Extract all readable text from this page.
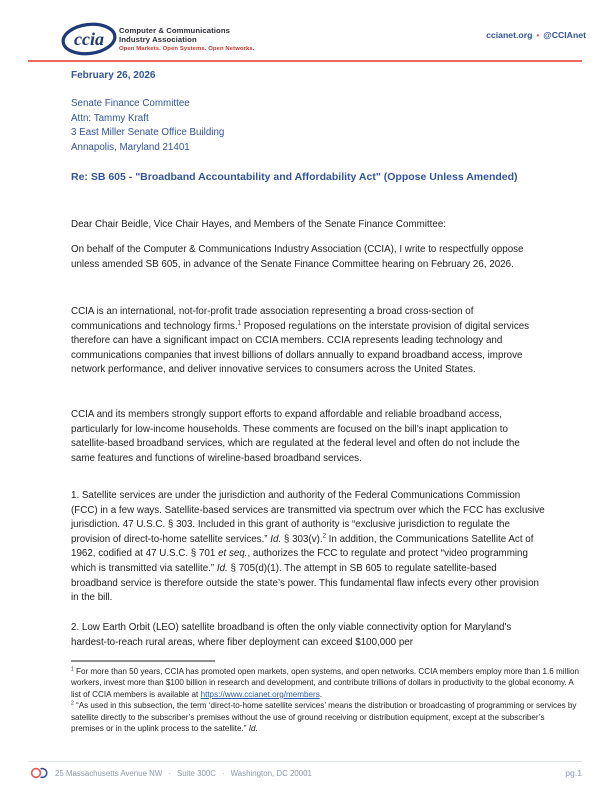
ccia Computer & Communications
Industry Association
Open Markets. Open Systems. Open Networks.
ccianet.org • @CCIAnet
February 26, 2026
Senate Finance Committee
Attn: Tammy Kraft
3 East Miller Senate Office Building
Annapolis, Maryland 21401
Re: SB 605 - "Broadband Accountability and Affordability Act" (Oppose Unless Amended)
Dear Chair Beidle, Vice Chair Hayes, and Members of the Senate Finance Committee:
On behalf of the Computer & Communications Industry Association (CCIA), I write to respectfully oppose unless amended SB 605, in advance of the Senate Finance Committee hearing on February 26, 2026.
CCIA is an international, not-for-profit trade association representing a broad cross-section of communications and technology firms.$^1$ Proposed regulations on the interstate provision of digital services therefore can have a significant impact on CCIA members. CCIA represents leading technology and communications companies that invest billions of dollars annually to expand broadband access, improve network performance, and deliver innovative services to consumers across the United States.
CCIA and its members strongly support efforts to expand affordable and reliable broadband access, particularly for low-income households. These comments are focused on the bill’s inapt application to satellite-based broadband services, which are regulated at the federal level and often do not include the same features and functions of wireline-based broadband services.
1. Satellite services are under the jurisdiction and authority of the Federal Communications Commission (FCC) in a few ways. Satellite-based services are transmitted via spectrum over which the FCC has exclusive jurisdiction. 47 U.S.C. § 303. Included in this grant of authority is “exclusive jurisdiction to regulate the provision of direct-to-home satellite services.” Id. § 303(v).$^2$ In addition, the Communications Satellite Act of 1962, codified at 47 U.S.C. § 701 et seq., authorizes the FCC to regulate and protect “video programming which is transmitted via satellite.” Id. § 705(d)(1). The attempt in SB 605 to regulate satellite-based broadband service is therefore outside the state’s power. This fundamental flaw infects every other provision in the bill.
2. Low Earth Orbit (LEO) satellite broadband is often the only viable connectivity option for Maryland's hardest-to-reach rural areas, where fiber deployment can exceed $100,000 per
$^1$ For more than 50 years, CCIA has promoted open markets, open systems, and open networks. CCIA members employ more than 1.6 million workers, invest more than $100 billion in research and development, and contribute trillions of dollars in productivity to the global economy. A list of CCIA members is available at https://www.ccianet.org/members.
$^2$ “As used in this subsection, the term ‘direct-to-home satellite services’ means the distribution or broadcasting of programming or services by satellite directly to the subscriber’s premises without the use of ground receiving or distribution equipment, except at the subscriber’s premises or in the uplink process to the satellite.” Id.
25 Massachusetts Avenue NW · Suite 300C · Washington, DC 20001	pg.1
